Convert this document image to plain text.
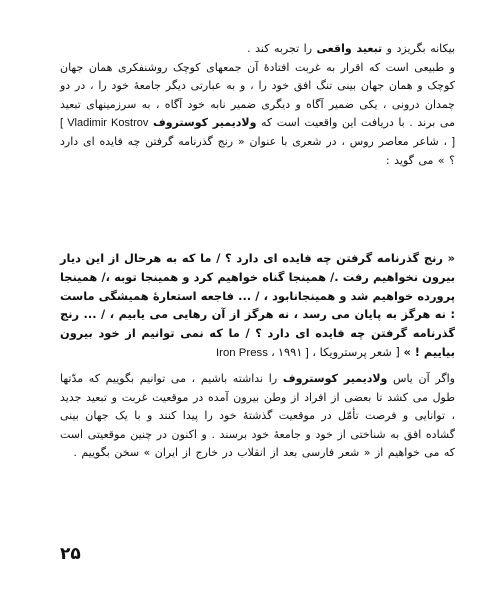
بیکانه بگریزد و تبعید واقعی را تجربه کند .
و طبیعی است که اقرار به غربت افتادهٔ آن جمعهای کوچک روشنفکری همان جهان کوچک و همان جهان بینی تنگ افق خود را ، و به عبارتی دیگر جامعهٔ خود را ، در دو چمدان درونی ، یکی ضمیر آگاه و دیگری ضمیر نابه خود آگاه ، به سرزمینهای تبعید می برند . با دریافت این واقعیت است که ولادیمیر کوستروف [ Vladimir Kostrov ] ، شاعر معاصر روس ، در شعری با عنوان « رنج گذرنامه گرفتن چه فایده ای دارد ؟ » می گوید :

« رنج گذرنامه گرفتن چه فایده ای دارد ؟ / ما که به هرحال از این دیار بیرون نخواهیم رفت ./ همینجا گناه خواهیم کرد و همینجا توبه ،/ همینجا پرورده خواهیم شد و همینجانابود ، / ... فاجعه استعارهٔ همیشگی ماست : نه هرگز به پایان می رسد ، نه هرگز از آن رهایی می یابیم ، / ... رنج گذرنامه گرفتن چه فایده ای دارد ؟ / ما که نمی توانیم از خود بیرون بیاییم ! » [ شعر پرسترویکا ، Iron Press ، ۱۹۹۱ ]

واگر آن یاس ولادیمیر کوستروف را نداشته باشیم ، می توانیم بگوییم که مدّتها طول می کشد تا بعضی از افراد از وطن بیرون آمده در موقعیت غربت و تبعید جدید ، توانایی و فرصت تأمّل در موقعیت گذشتهٔ خود را پیدا کنند و با یک جهان بینی گشاده افق به شناختی از خود و جامعهٔ خود برسند . و اکنون در چنین موقعیتی است که می خواهیم از « شعر فارسی بعد از انقلاب در خارج از ایران » سخن بگوییم .

۲۵
